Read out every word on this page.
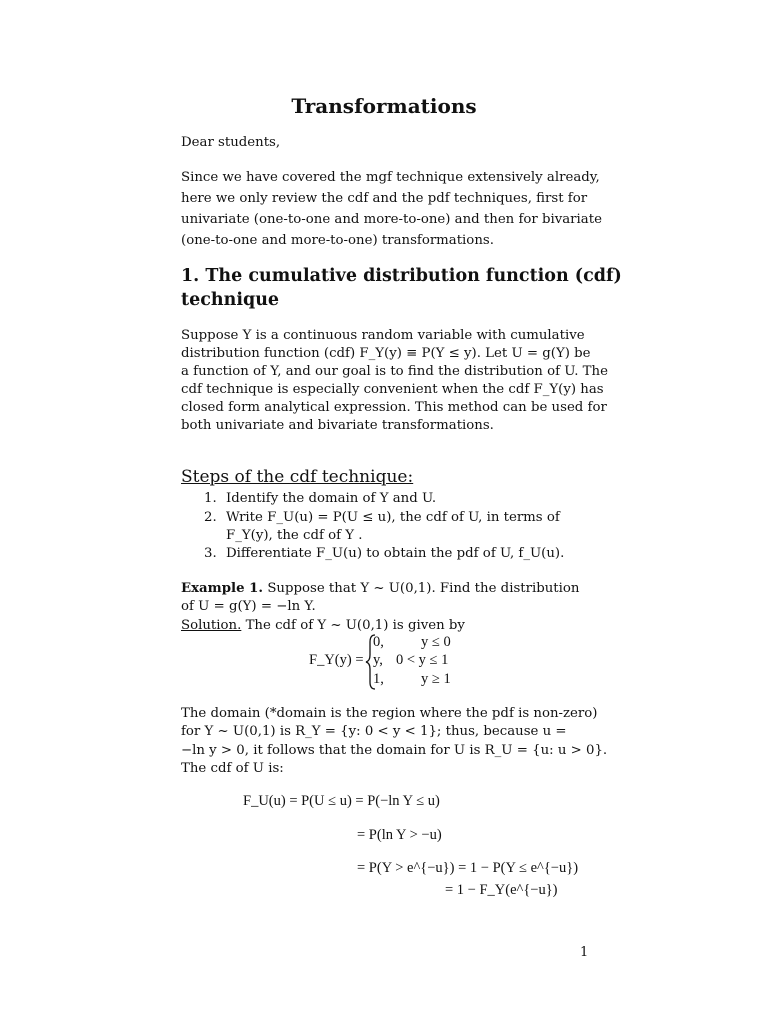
Transformations
Dear students,
Since we have covered the mgf technique extensively already,
here we only review the cdf and the pdf techniques, first for
univariate (one-to-one and more-to-one) and then for bivariate
(one-to-one and more-to-one) transformations.
1. The cumulative distribution function (cdf)
technique
Suppose Y is a continuous random variable with cumulative
distribution function (cdf) F_Y(y) ≡ P(Y ≤ y). Let U = g(Y) be
a function of Y, and our goal is to find the distribution of U. The
cdf technique is especially convenient when the cdf F_Y(y) has
closed form analytical expression. This method can be used for
both univariate and bivariate transformations.
Steps of the cdf technique:
1. Identify the domain of Y and U.
2. Write F_U(u) = P(U ≤ u), the cdf of U, in terms of F_Y(y), the cdf of Y .
3. Differentiate F_U(u) to obtain the pdf of U, f_U(u).
Example 1. Suppose that Y ~ U(0,1). Find the distribution of U = g(Y) = −ln Y.
Solution. The cdf of Y ~ U(0,1) is given by
F_Y(y) =
0,	y ≤ 0
y, 0 < y ≤ 1
1,	y ≥ 1
The domain (*domain is the region where the pdf is non-zero)
for Y ~ U(0,1) is R_Y = {y: 0 < y < 1}; thus, because u =
−ln y > 0, it follows that the domain for U is R_U = {u: u > 0}.
The cdf of U is:
F_U(u) = P(U ≤ u) = P(−ln Y ≤ u)
= P(ln Y > −u)
= P(Y > e^{−u}) = 1 − P(Y ≤ e^{−u})
= 1 − F_Y(e^{−u})
1
